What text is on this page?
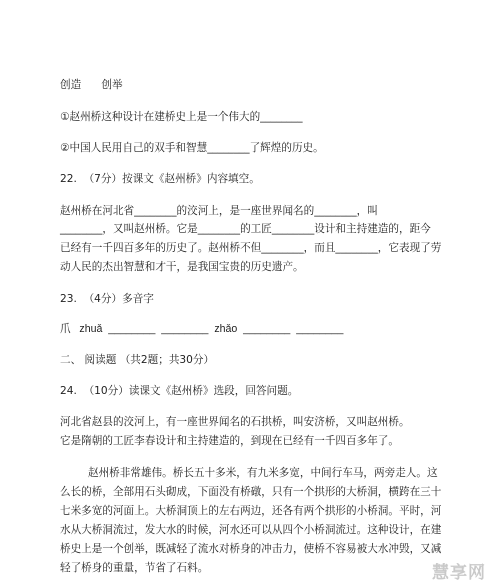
创造      创举
①赵州桥这种设计在建桥史上是一个伟大的________
②中国人民用自己的双手和智慧________了辉煌的历史。
22.  （7分）按课文《赵州桥》内容填空。
赵州桥在河北省________的洨河上，是一座世界闻名的________，叫
________，又叫赵州桥。它是________的工匠________设计和主持建造的，距今
已经有一千四百多年的历史了。赵州桥不但________，而且________，它表现了劳
动人民的杰出智慧和才干，是我国宝贵的历史遗产。
23.  （4分）多音字
爪   zhuǎ  ________  ________  zhǎo  ________  ________
二、 阅读题 （共2题；共30分）
24.  （10分）读课文《赵州桥》选段，回答问题。
河北省赵县的洨河上，有一座世界闻名的石拱桥，叫安济桥，又叫赵州桥。
它是隋朝的工匠李春设计和主持建造的，到现在已经有一千四百多年了。
赵州桥非常雄伟。桥长五十多米，有九米多宽，中间行车马，两旁走人。这
么长的桥，全部用石头砌成，下面没有桥礅，只有一个拱形的大桥洞，横跨在三十
七米多宽的河面上。大桥洞顶上的左右两边，还各有两个拱形的小桥洞。平时，河
水从大桥洞流过，发大水的时候，河水还可以从四个小桥洞流过。这种设计，在建
桥史上是一个创举，既减轻了流水对桥身的冲击力，使桥不容易被大水冲毁，又减
轻了桥身的重量，节省了石料。	慧享网
